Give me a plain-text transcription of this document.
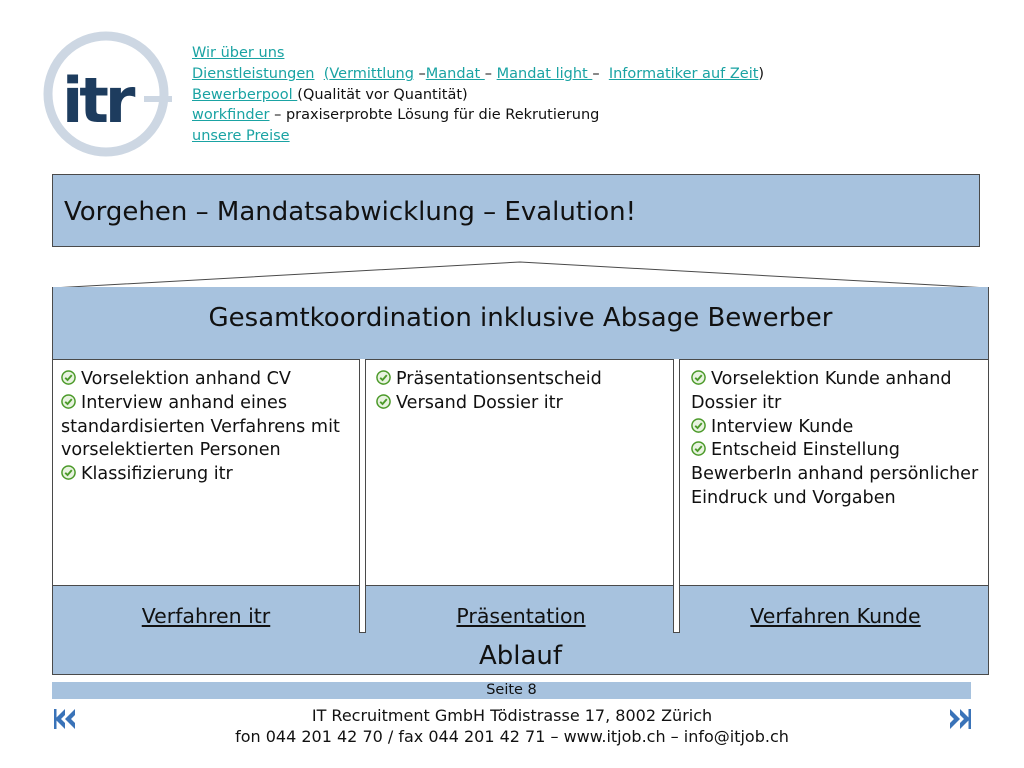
itr
Wir über uns
Dienstleistungen (Vermittlung –Mandat – Mandat light – Informatiker auf Zeit)
Bewerberpool (Qualität vor Quantität)
workfinder – praxiserprobte Lösung für die Rekrutierung
unsere Preise
Vorgehen – Mandatsabwicklung – Evalution!
Gesamtkoordination inklusive Absage Bewerber
Vorselektion anhand CV
Interview anhand eines standardisierten Verfahrens mit vorselektierten Personen
Klassifizierung itr
Präsentationsentscheid
Versand Dossier itr
Vorselektion Kunde anhand Dossier itr
Interview Kunde
Entscheid Einstellung BewerberIn anhand persönlicher Eindruck und Vorgaben
Verfahren itr	Präsentation	Verfahren Kunde
Ablauf
Seite 8
IT Recruitment GmbH Tödistrasse 17, 8002 Zürich
fon 044 201 42 70 / fax 044 201 42 71 – www.itjob.ch – info@itjob.ch
